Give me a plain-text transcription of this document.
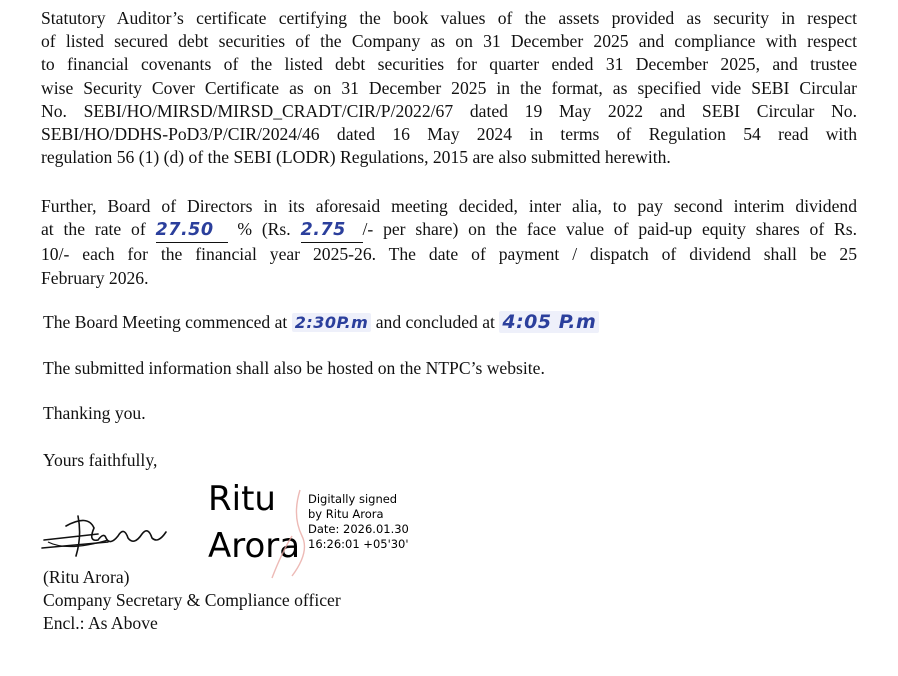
Statutory Auditor’s certificate certifying the book values of the assets provided as security in respect
of listed secured debt securities of the Company as on 31 December 2025 and compliance with respect
to financial covenants of the listed debt securities for quarter ended 31 December 2025, and trustee
wise Security Cover Certificate as on 31 December 2025 in the format, as specified vide SEBI Circular
No. SEBI/HO/MIRSD/MIRSD_CRADT/CIR/P/2022/67 dated 19 May 2022 and SEBI Circular No.
SEBI/HO/DDHS-PoD3/P/CIR/2024/46 dated 16 May 2024 in terms of Regulation 54 read with
regulation 56 (1) (d) of the SEBI (LODR) Regulations, 2015 are also submitted herewith.
Further, Board of Directors in its aforesaid meeting decided, inter alia, to pay second interim dividend
at the rate of 27.50 % (Rs. 2.75 /- per share) on the face value of paid-up equity shares of Rs.
10/- each for the financial year 2025-26. The date of payment / dispatch of dividend shall be 25
February 2026.
The Board Meeting commenced at 2:30P.m and concluded at 4:05 P.m
The submitted information shall also be hosted on the NTPC’s website.
Thanking you.
Yours faithfully,
Ritu
Arora
Digitally signed
by Ritu Arora
Date: 2026.01.30
16:26:01 +05'30'
(Ritu Arora)
Company Secretary & Compliance officer
Encl.: As Above
